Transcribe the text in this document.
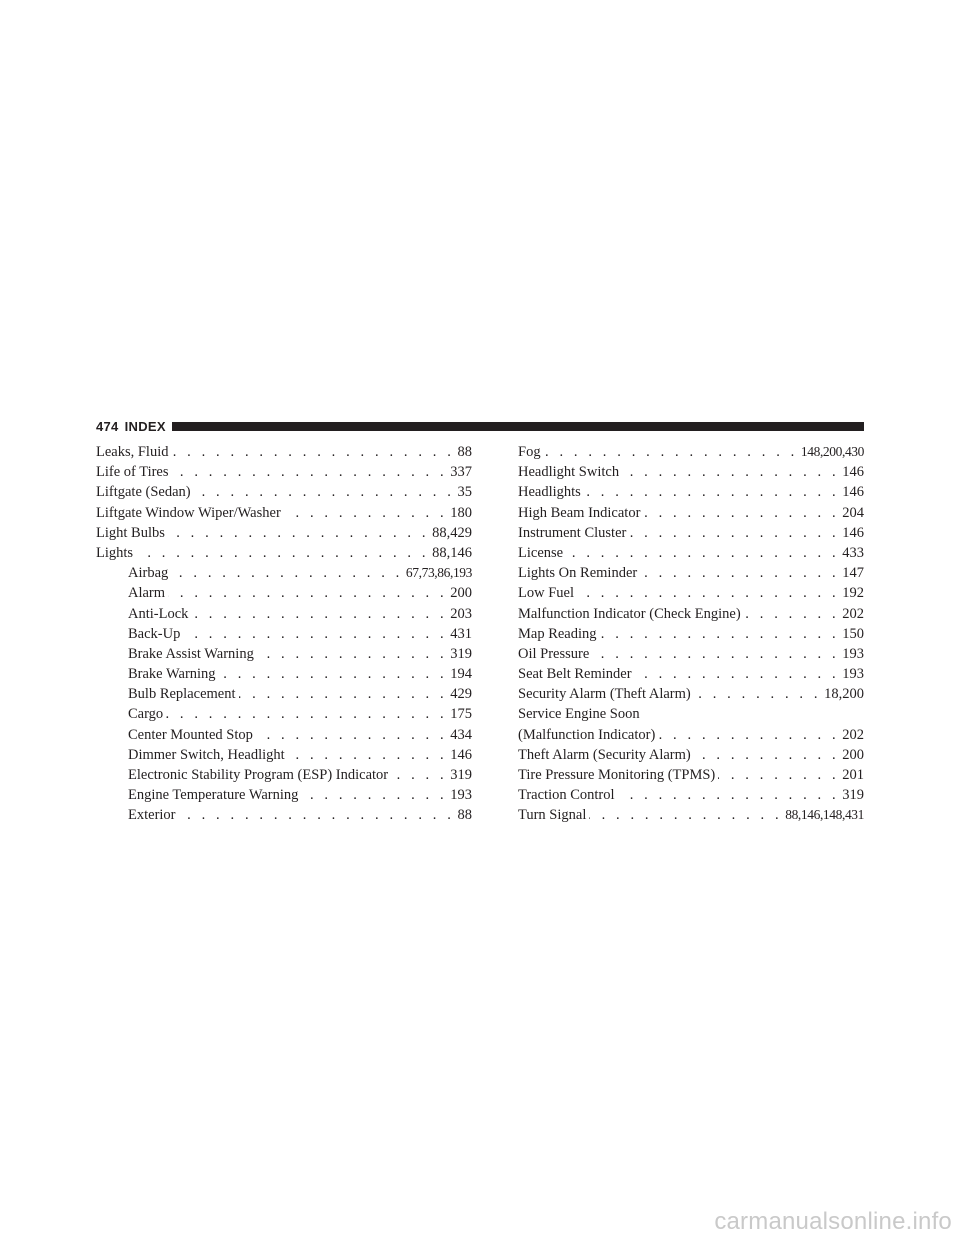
474 INDEX
Leaks, Fluid . . .	88
Life of Tires . . .	337
Liftgate (Sedan) . . .	35
Liftgate Window Wiper/Washer . . .	180
Light Bulbs . . .	88,429
Lights . . .	88,146
Airbag . . .	67,73,86,193
Alarm . . .	200
Anti-Lock . . .	203
Back-Up . . .	431
Brake Assist Warning . . .	319
Brake Warning . . .	194
Bulb Replacement . . .	429
Cargo . . .	175
Center Mounted Stop . . .	434
Dimmer Switch, Headlight . . .	146
Electronic Stability Program (ESP) Indicator . . .	319
Engine Temperature Warning . . .	193
Exterior . . .	88
Fog . . .	148,200,430
Headlight Switch . . .	146
Headlights . . .	146
High Beam Indicator . . .	204
Instrument Cluster . . .	146
License . . .	433
Lights On Reminder . . .	147
Low Fuel . . .	192
Malfunction Indicator (Check Engine) . . .	202
Map Reading . . .	150
Oil Pressure . . .	193
Seat Belt Reminder . . .	193
Security Alarm (Theft Alarm) . . .	18,200
Service Engine Soon
(Malfunction Indicator) . . .	202
Theft Alarm (Security Alarm) . . .	200
Tire Pressure Monitoring (TPMS) . . .	201
Traction Control . . .	319
Turn Signal . . .	88,146,148,431
carmanualsonline.info
